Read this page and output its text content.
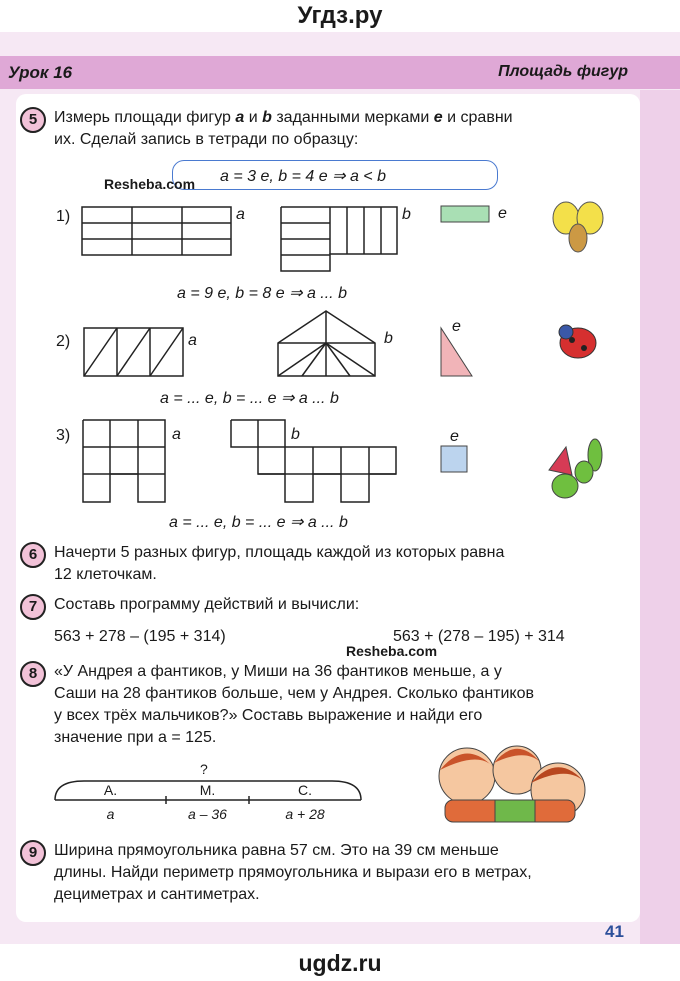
Угдз.ру
Урок 16	Площадь фигур
5	Измерь площади фигур a и b заданными мерками e и сравни
их. Сделай запись в тетради по образцу:
a = 3 e, b = 4 e ⇒ a < b
Resheba.com
1)
2)
3)
a	b	e
a = 9 e, b = 8 e ⇒ a ... b
a	b
e
a = ... e, b = ... e ⇒ a ... b
a	b	e
a = ... e, b = ... e ⇒ a ... b
6	Начерти 5 разных фигур, площадь каждой из которых равна
12 клеточкам.
7	Составь программу действий и вычисли:
563 + 278 – (195 + 314)	563 + (278 – 195) + 314
Resheba.com
8	«У Андрея a фантиков, у Миши на 36 фантиков меньше, а у
Саши на 28 фантиков больше, чем у Андрея. Сколько фантиков
у всех трёх мальчиков?» Составь выражение и найди его
значение при a = 125.
?
А.	М.	С.
a	a – 36	a + 28
9	Ширина прямоугольника равна 57 см. Это на 39 см меньше
длины. Найди периметр прямоугольника и вырази его в метрах,
дециметрах и сантиметрах.
41
ugdz.ru
